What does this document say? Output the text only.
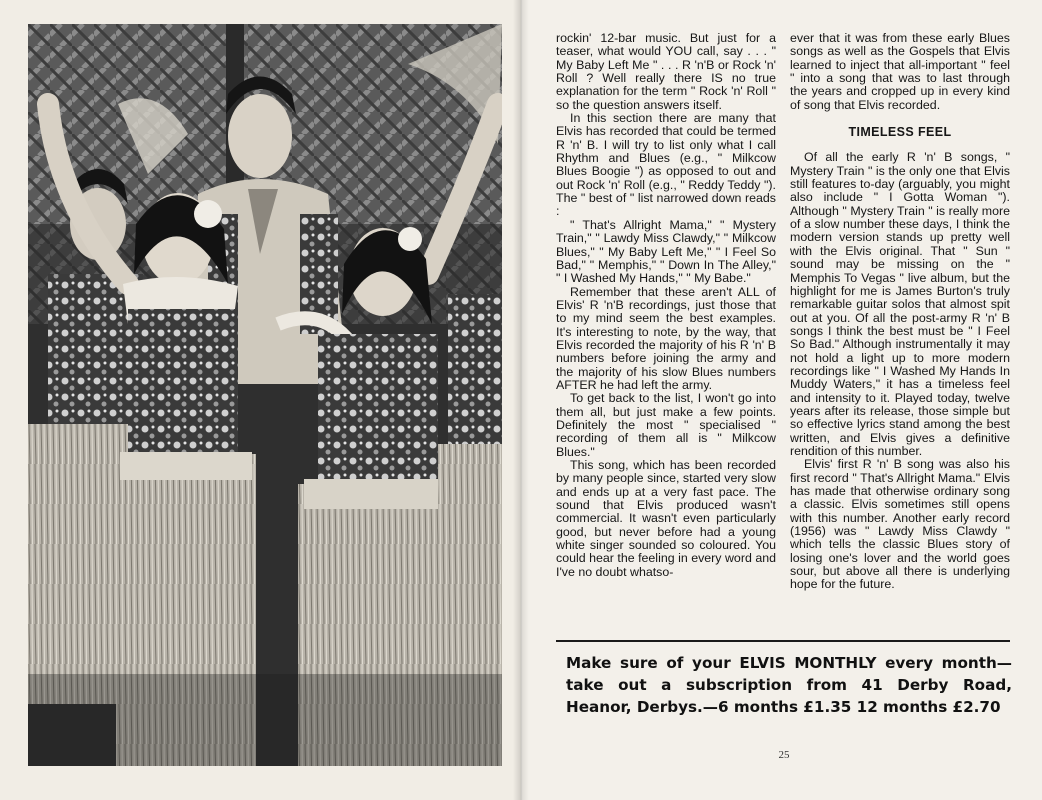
rockin' 12-bar music. But just for a teaser, what would YOU call, say . . . " My Baby Left Me " . . . R 'n'B or Rock 'n' Roll ? Well really there IS no true explanation for the term " Rock 'n' Roll " so the question answers itself.

In this section there are many that Elvis has recorded that could be termed R 'n' B. I will try to list only what I call Rhythm and Blues (e.g., " Milkcow Blues Boogie ") as opposed to out and out Rock 'n' Roll (e.g., " Reddy Teddy "). The " best of " list narrowed down reads :

" That's Allright Mama," " Mystery Train," " Lawdy Miss Clawdy," " Milkcow Blues," " My Baby Left Me," " I Feel So Bad," " Memphis," " Down In The Alley," " I Washed My Hands," " My Babe."

Remember that these aren't ALL of Elvis' R 'n'B recordings, just those that to my mind seem the best examples. It's interesting to note, by the way, that Elvis recorded the majority of his R 'n' B numbers before joining the army and the majority of his slow Blues numbers AFTER he had left the army.

To get back to the list, I won't go into them all, but just make a few points. Definitely the most " specialised " recording of them all is " Milkcow Blues."

This song, which has been recorded by many people since, started very slow and ends up at a very fast pace. The sound that Elvis produced wasn't commercial. It wasn't even particularly good, but never before had a young white singer sounded so coloured. You could hear the feeling in every word and I've no doubt whatso-

ever that it was from these early Blues songs as well as the Gospels that Elvis learned to inject that all-important " feel " into a song that was to last through the years and cropped up in every kind of song that Elvis recorded.

TIMELESS FEEL

Of all the early R 'n' B songs, " Mystery Train " is the only one that Elvis still features to-day (arguably, you might also include " I Gotta Woman "). Although " Mystery Train " is really more of a slow number these days, I think the modern version stands up pretty well with the Elvis original. That " Sun " sound may be missing on the " Memphis To Vegas " live album, but the highlight for me is James Burton's truly remarkable guitar solos that almost spit out at you. Of all the post-army R 'n' B songs I think the best must be " I Feel So Bad." Although instrumentally it may not hold a light up to more modern recordings like " I Washed My Hands In Muddy Waters," it has a timeless feel and intensity to it. Played today, twelve years after its release, those simple but so effective lyrics stand among the best written, and Elvis gives a definitive rendition of this number.

Elvis' first R 'n' B song was also his first record " That's Allright Mama." Elvis has made that otherwise ordinary song a classic. Elvis sometimes still opens with this number. Another early record (1956) was " Lawdy Miss Clawdy " which tells the classic Blues story of losing one's lover and the world goes sour, but above all there is underlying hope for the future.

Make sure of your ELVIS MONTHLY every month—take out a subscription from 41 Derby Road, Heanor, Derbys.—6 months £1.35 12 months £2.70
25
